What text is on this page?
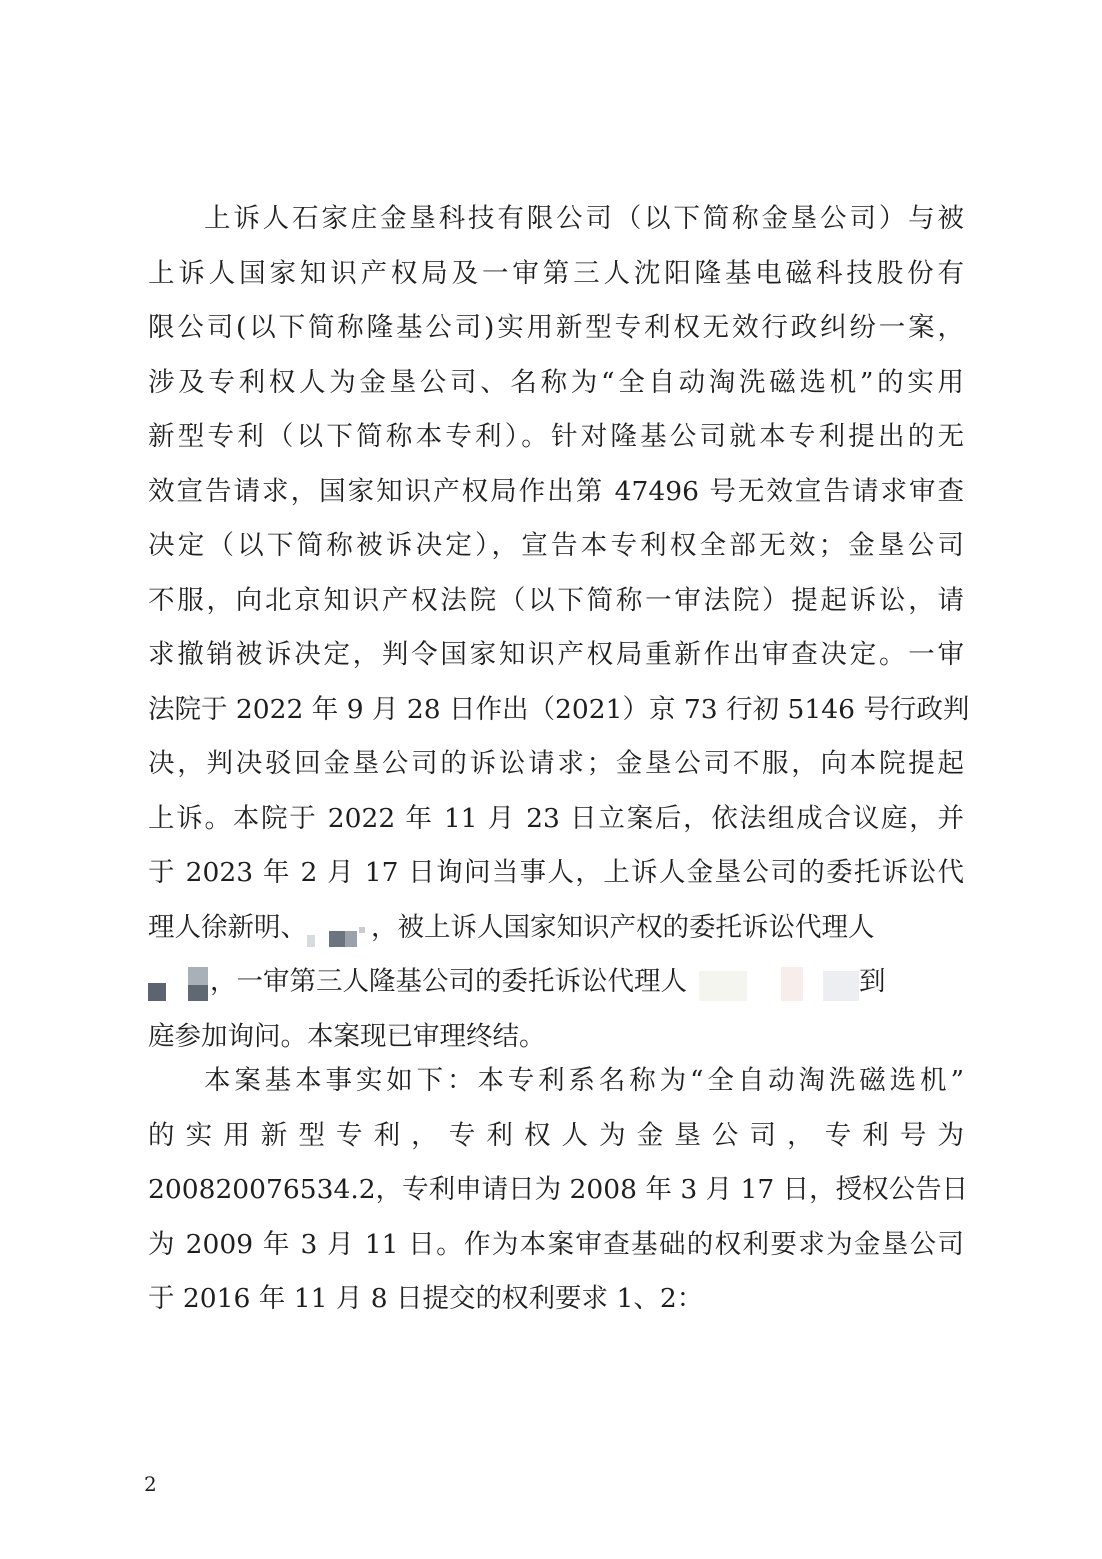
上诉人石家庄金垦科技有限公司（以下简称金垦公司）与被
上诉人国家知识产权局及一审第三人沈阳隆基电磁科技股份有
限公司(以下简称隆基公司)实用新型专利权无效行政纠纷一案，
涉及专利权人为金垦公司、名称为“全自动淘洗磁选机”的实用
新型专利（以下简称本专利）。针对隆基公司就本专利提出的无
效宣告请求，国家知识产权局作出第 47496 号无效宣告请求审查
决定（以下简称被诉决定），宣告本专利权全部无效；金垦公司
不服，向北京知识产权法院（以下简称一审法院）提起诉讼，请
求撤销被诉决定，判令国家知识产权局重新作出审查决定。一审
法院于 2022 年 9 月 28 日作出（2021）京 73 行初 5146 号行政判
决，判决驳回金垦公司的诉讼请求；金垦公司不服，向本院提起
上诉。本院于 2022 年 11 月 23 日立案后，依法组成合议庭，并
于 2023 年 2 月 17 日询问当事人，上诉人金垦公司的委托诉讼代
理人徐新明、 ，被上诉人国家知识产权的委托诉讼代理人
，一审第三人隆基公司的委托诉讼代理人	到
庭参加询问。本案现已审理终结。
本案基本事实如下：本专利系名称为“全自动淘洗磁选机”
的实用新型专利，专利权人为金垦公司，专利号为
200820076534.2，专利申请日为 2008 年 3 月 17 日，授权公告日
为 2009 年 3 月 11 日。作为本案审查基础的权利要求为金垦公司
于 2016 年 11 月 8 日提交的权利要求 1、2：
2
